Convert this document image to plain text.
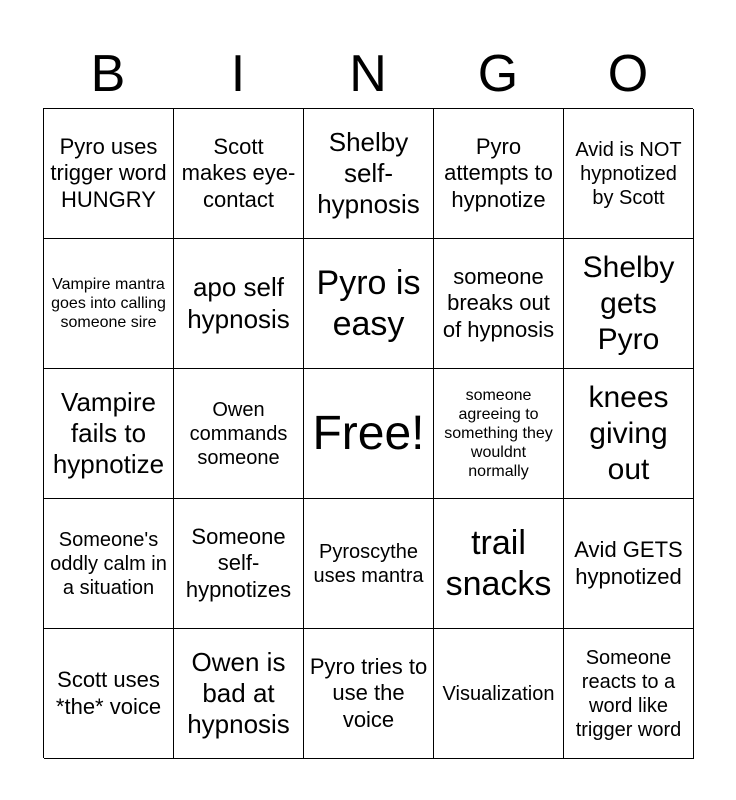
B	I	N	G	O
Pyro uses trigger word HUNGRY
Scott makes eye-contact
Shelby self-hypnosis
Pyro attempts to hypnotize
Avid is NOT hypnotized by Scott
Vampire mantra goes into calling someone sire
apo self hypnosis
Pyro is easy
someone breaks out of hypnosis
Shelby gets Pyro
Vampire fails to hypnotize
Owen commands someone Free!
someone agreeing to something they wouldnt normally
knees giving out
Someone's oddly calm in a situation
Someone self-hypnotizes
Pyroscythe uses mantra
trail snacks
Avid GETS hypnotized
Scott uses *the* voice
Owen is bad at hypnosis
Pyro tries to use the voice
Visualization
Someone reacts to a word like trigger word
